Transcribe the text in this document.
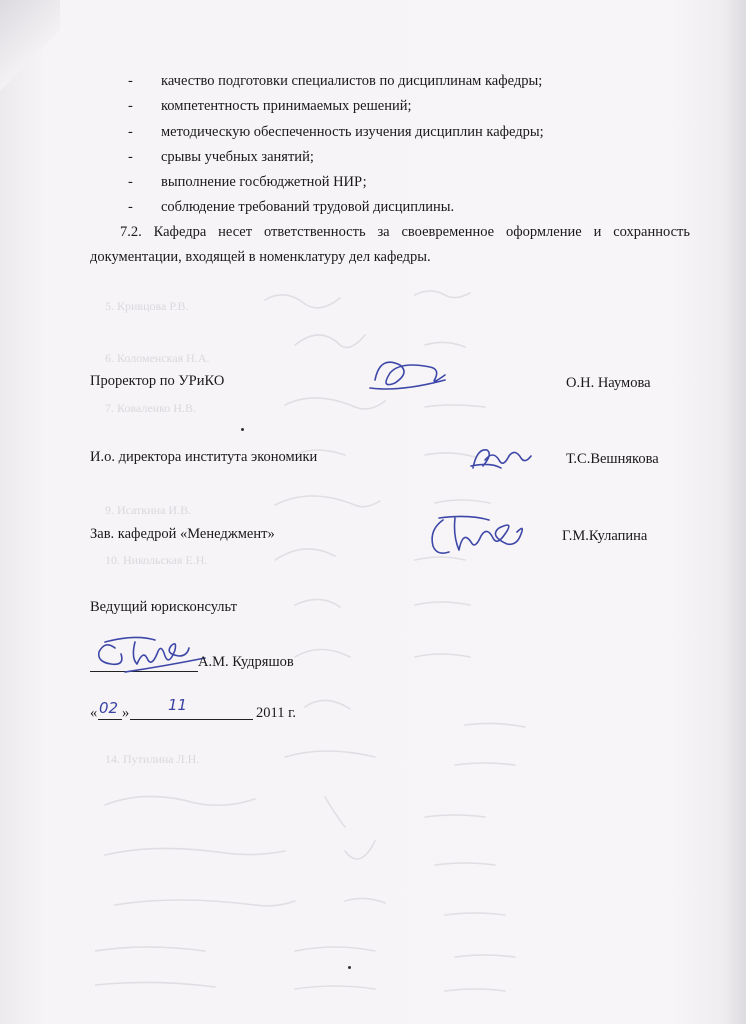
5. Кривцова Р.В.
6. Коломенская Н.А.
7. Коваленко Н.В.
9. Исаткина И.В.
10. Никольская Е.Н.
14. Путилина Л.Н.
- качество подготовки специалистов по дисциплинам кафедры;
- компетентность принимаемых решений;
- методическую обеспеченность изучения дисциплин кафедры;
- срывы учебных занятий;
- выполнение госбюджетной НИР;
- соблюдение требований трудовой дисциплины.

7.2. Кафедра несет ответственность за своевременное оформление и сохранность документации, входящей в номенклатуру дел кафедры.

Проректор по УРиКО	О.Н. Наумова
И.о. директора института экономики	Т.С.Вешнякова
Зав. кафедрой «Менеджмент»	Г.М.Кулапина
Ведущий юрисконсульт
А.М. Кудряшов
« 02 »	11	2011 г.
